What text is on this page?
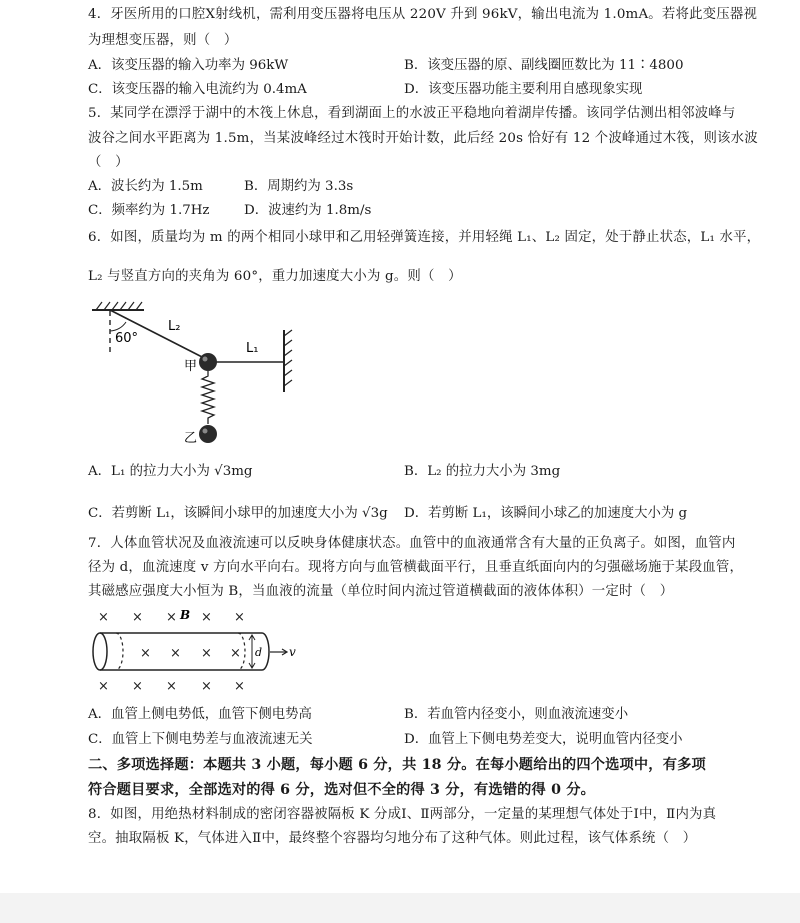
4．牙医所用的口腔X射线机，需利用变压器将电压从 220V 升到 96kV，输出电流为 1.0mA。若将此变压器视
为理想变压器，则（　）
A．该变压器的输入功率为 96kW	B．该变压器的原、副线圈匝数比为 11∶4800
C．该变压器的输入电流约为 0.4mA	D．该变压器功能主要利用自感现象实现
5．某同学在漂浮于湖中的木筏上休息，看到湖面上的水波正平稳地向着湖岸传播。该同学估测出相邻波峰与
波谷之间水平距离为 1.5m，当某波峰经过木筏时开始计数，此后经 20s 恰好有 12 个波峰通过木筏，则该水波
（　）
A．波长约为 1.5m	B．周期约为 3.3s
C．频率约为 1.7Hz	D．波速约为 1.8m/s
6．如图，质量均为 m 的两个相同小球甲和乙用轻弹簧连接，并用轻绳 L₁、L₂ 固定，处于静止状态，L₁ 水平，
L₂ 与竖直方向的夹角为 60°，重力加速度大小为 g。则（　）
60°
L₂
L₁
甲
乙
A．L₁ 的拉力大小为 √3mg	B．L₂ 的拉力大小为 3mg
C．若剪断 L₁，该瞬间小球甲的加速度大小为 √3g D．若剪断 L₁，该瞬间小球乙的加速度大小为 g
7．人体血管状况及血液流速可以反映身体健康状态。血管中的血液通常含有大量的正负离子。如图，血管内
径为 d，血流速度 v 方向水平向右。现将方向与血管横截面平行，且垂直纸面向内的匀强磁场施于某段血管，
其磁感应强度大小恒为 B，当血液的流量（单位时间内流过管道横截面的液体体积）一定时（　）
× × × × ×
× × × ×
× × × × ×
B
d v
A．血管上侧电势低，血管下侧电势高	B．若血管内径变小，则血液流速变小
C．血管上下侧电势差与血液流速无关	D．血管上下侧电势差变大，说明血管内径变小
二、多项选择题：本题共 3 小题，每小题 6 分，共 18 分。在每小题给出的四个选项中，有多项
符合题目要求，全部选对的得 6 分，选对但不全的得 3 分，有选错的得 0 分。
8．如图，用绝热材料制成的密闭容器被隔板 K 分成Ⅰ、Ⅱ两部分，一定量的某理想气体处于Ⅰ中，Ⅱ内为真
空。抽取隔板 K，气体进入Ⅱ中，最终整个容器均匀地分布了这种气体。则此过程，该气体系统（　）
